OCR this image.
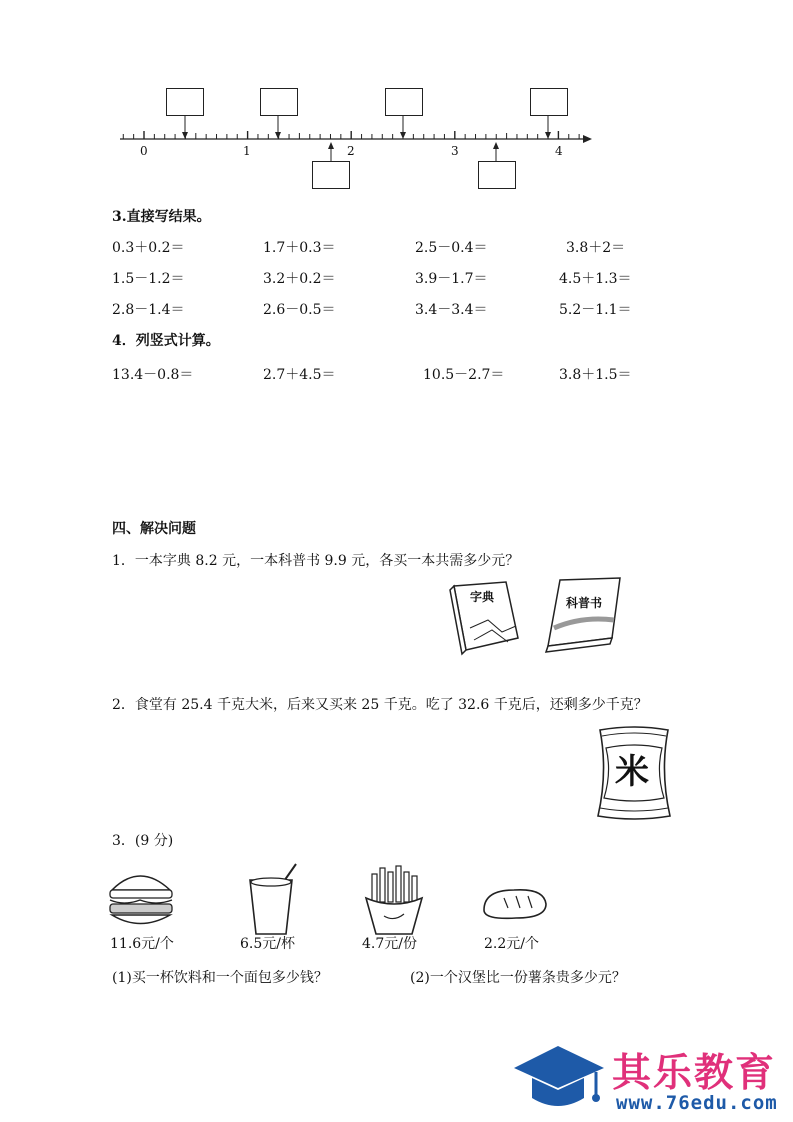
0	1	2	3	4
3.直接写结果。
0.3＋0.2＝	1.7＋0.3＝	2.5－0.4＝	3.8＋2＝
1.5－1.2＝	3.2＋0.2＝	3.9－1.7＝	4.5＋1.3＝
2.8－1.4＝	2.6－0.5＝	3.4－3.4＝	5.2－1.1＝
4．列竖式计算。
13.4－0.8＝	2.7＋4.5＝	10.5－2.7＝	3.8＋1.5＝
四、解决问题
1．一本字典 8.2 元，一本科普书 9.9 元，各买一本共需多少元？
字典	科普书
2．食堂有 25.4 千克大米，后来又买来 25 千克。吃了 32.6 千克后，还剩多少千克？
米
3．(9 分)
11.6元/个	6.5元/杯	4.7元/份	2.2元/个
(1)买一杯饮料和一个面包多少钱？	(2)一个汉堡比一份薯条贵多少元？
其乐教育
www.76edu.com
